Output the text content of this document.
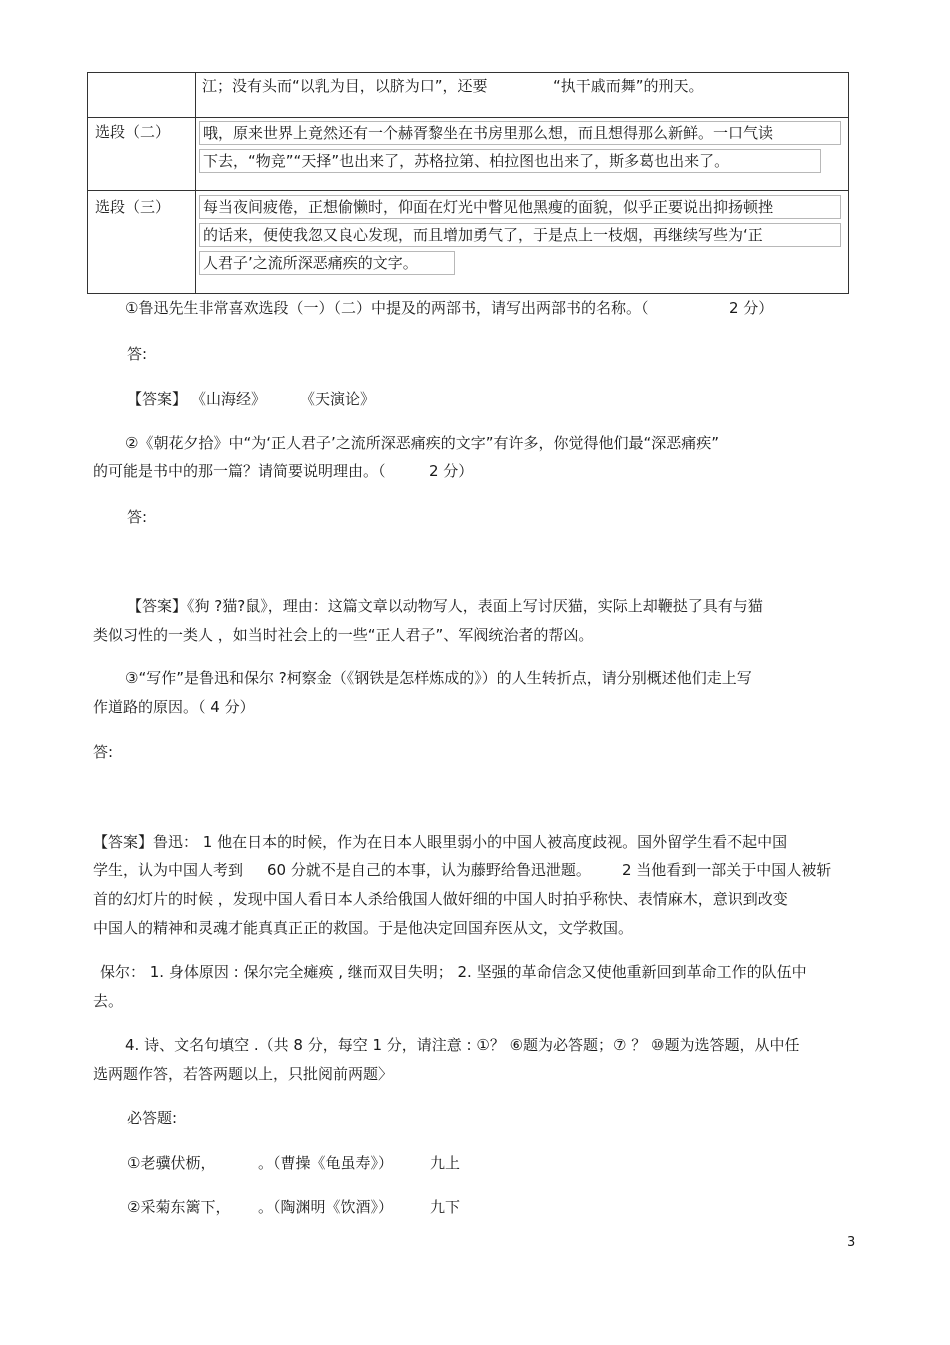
江；没有头而“以乳为目，以脐为口”，还要	“执干戚而舞”的刑天。
选段（二） 哦，原来世界上竟然还有一个赫胥黎坐在书房里那么想，而且想得那么新鲜。一口气读
下去，“物竞”“天择”也出来了，苏格拉第、柏拉图也出来了，斯多葛也出来了。
选段（三） 每当夜间疲倦，正想偷懒时，仰面在灯光中瞥见他黑瘦的面貌，似乎正要说出抑扬顿挫
的话来，便使我忽又良心发现，而且增加勇气了，于是点上一枝烟，再继续写些为‘正
人君子’之流所深恶痛疾的文字。
①鲁迅先生非常喜欢选段（一）（二）中提及的两部书，请写出两部书的名称。（	2 分）
答:
【答案】 《山海经》 《天演论》
②《朝花夕拾》中“为‘正人君子’之流所深恶痛疾的文字”有许多，你觉得他们最“深恶痛疾”
的可能是书中的那一篇？请简要说明理由。（	2 分）
答:
【答案】《狗 ?猫?鼠》，理由：这篇文章以动物写人，表面上写讨厌猫，实际上却鞭挞了具有与猫
类似习性的一类人 ，如当时社会上的一些“正人君子”、军阀统治者的帮凶。
③“写作”是鲁迅和保尔 ?柯察金（《钢铁是怎样炼成的》）的人生转折点，请分别概述他们走上写
作道路的原因。（ 4 分）
答:
【答案】鲁迅： 1 他在日本的时候，作为在日本人眼里弱小的中国人被高度歧视。国外留学生看不起中国
学生，认为中国人考到 60 分就不是自己的本事，认为藤野给鲁迅泄题。 2 当他看到一部关于中国人被斩
首的幻灯片的时候 ，发现中国人看日本人杀给俄国人做奸细的中国人时拍乎称快、表情麻木，意识到改变
中国人的精神和灵魂才能真真正正的救国。于是他决定回国弃医从文，文学救国。
保尔： 1. 身体原因 : 保尔完全瘫痪 , 继而双目失明； 2. 坚强的革命信念又使他重新回到革命工作的队伍中
去。
4. 诗、文名句填空 .（共 8 分，每空 1 分，请注意 : ①？ ⑥题为必答题；⑦ ？ ⑩题为选答题，从中任
选两题作答，若答两题以上，只批阅前两题〉
必答题:
①老骥伏枥，	。（曹操《龟虽寿》） 九上
②采菊东篱下， 。（陶渊明《饮酒》） 九下
3
